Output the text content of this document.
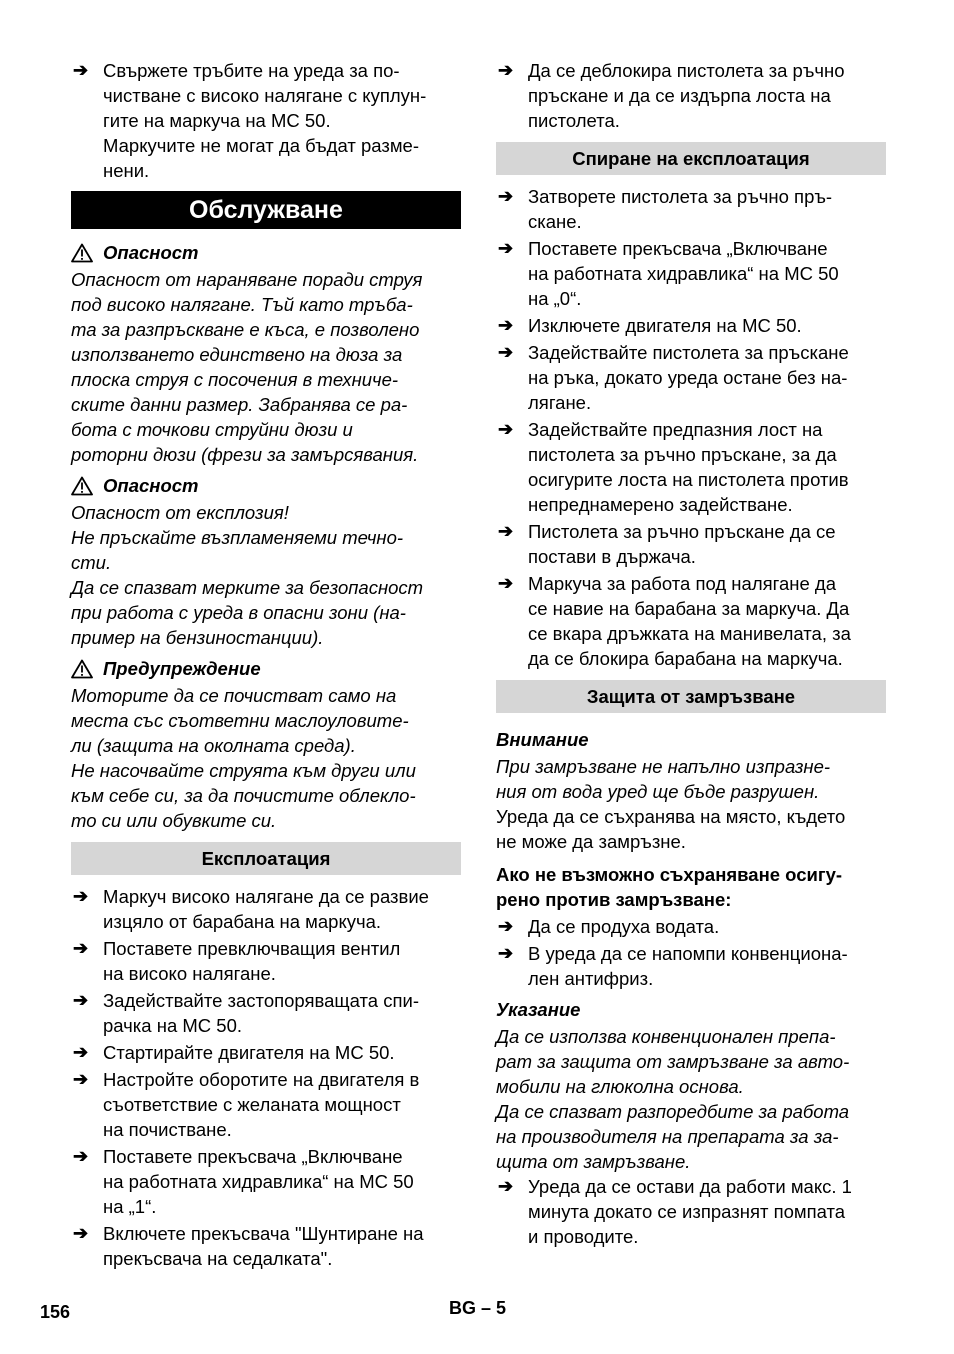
➔ Свържете тръбите на уреда за по-
чистване с високо налягане с куплун-
гите на маркуча на MC 50.
Маркучите не могат да бъдат разме-
нени.
Обслужване
Опасност
Опасност от нараняване поради струя
под високо налягане. Тъй като тръба-
та за разпръскване е къса, е позволено
използването единствено на дюза за
плоска струя с посочения в техниче-
ските данни размер. Забранява се ра-
бота с точкови струйни дюзи и
роторни дюзи (фрези за замърсявания.
Опасност
Опасност от експлозия!
Не пръскайте възпламеняеми течно-
сти.
Да се спазват мерките за безопасност
при работа с уреда в опасни зони (на-
пример на бензиностанции).
Предупреждение
Моторите да се почистват само на
места със съответни маслоуловите-
ли (защита на околната среда).
Не насочвайте струята към други или
към себе си, за да почистите облекло-
то си или обувките си.
Експлоатация
➔ Маркуч високо налягане да се развие
изцяло от барабана на маркуча.
➔ Поставете превключващия вентил
на високо налягане.
➔ Задействайте застопоряващата спи-
рачка на MC 50.
➔ Стартирайте двигателя на MC 50.
➔ Настройте оборотите на двигателя в
съответствие с желаната мощност
на почистване.
➔ Поставете прекъсвача „Включване
на работната хидравлика“ на MC 50
на „1“.
➔ Включете прекъсвача "Шунтиране на
прекъсвача на седалката".
➔ Да се деблокира пистолета за ръчно
пръскане и да се издърпа лоста на
пистолета.
Спиране на експлоатация
➔ Затворете пистолета за ръчно пръ-
скане.
➔ Поставете прекъсвача „Включване
на работната хидравлика“ на MC 50
на „0“.
➔ Изключете двигателя на MC 50.
➔ Задействайте пистолета за пръскане
на ръка, докато уреда остане без на-
лягане.
➔ Задействайте предпазния лост на
пистолета за ръчно пръскане, за да
осигурите лоста на пистолета против
непреднамерено задействане.
➔ Пистолета за ръчно пръскане да се
постави в държача.
➔ Маркуча за работа под налягане да
се навие на барабана за маркуча. Да
се вкара дръжката на манивелата, за
да се блокира барабана на маркуча.
Защита от замръзване
Внимание
При замръзване не напълно изпразне-
ния от вода уред ще бъде разрушен.
Уреда да се съхранява на място, където
не може да замръзне.
Ако не възможно съхраняване осигу-
рено против замръзване:
➔ Да се продуха водата.
➔ В уреда да се напомпи конвенциона-
лен антифриз.
Указание
Да се използва конвенционален препа-
рат за защита от замръзване за авто-
мобили на глюколна основа.
Да се спазват разпоредбите за работа
на производителя на препарата за за-
щита от замръзване.
➔ Уреда да се остави да работи макс. 1
минута докато се изпразнят помпата
и проводите.
156	BG – 5
